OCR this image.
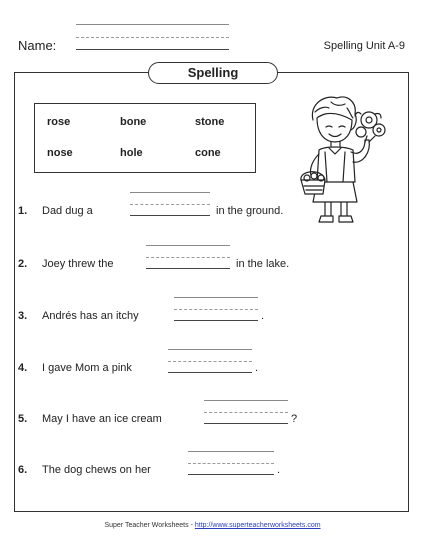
Name:	Spelling Unit A-9
Spelling
rose	bone	stone
nose	hole	cone
1. Dad dug a	in the ground.
2. Joey threw the	in the lake.
3. Andrés has an itchy	.
4. I gave Mom a pink	.
5. May I have an ice cream	?
6. The dog chews on her	.
Super Teacher Worksheets - http://www.superteacherworksheets.com
